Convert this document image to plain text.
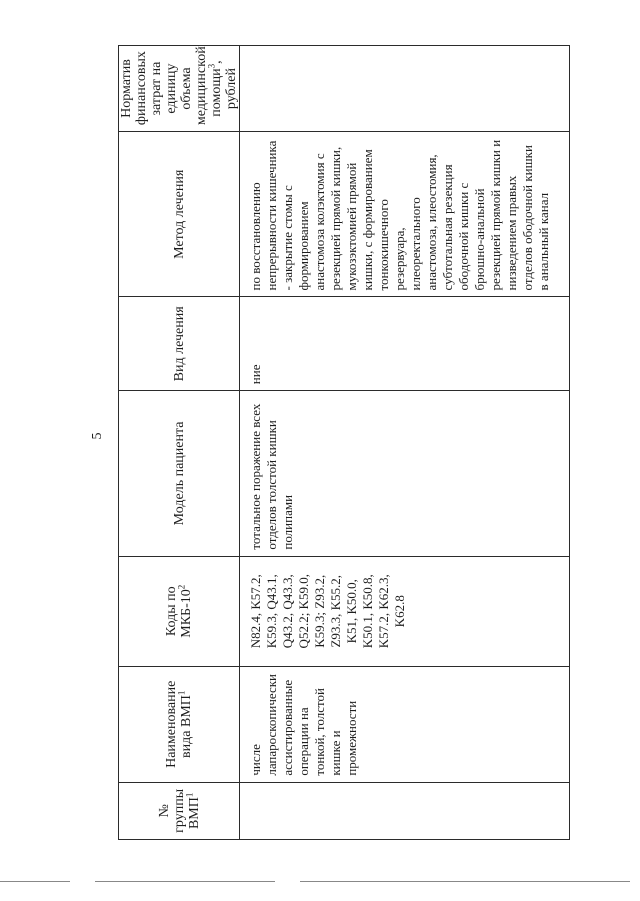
5
№ группы ВМП$^1$	Наименование вида ВМП$^1$	Коды по МКБ-$10^2$	Модель пациента	Вид лечения	Метод лечения	Норматив финансовых затрат на единицу объема медицинской помощи$^3$, рублей

	числе лапароскопически ассистированные операции на тонкой, толстой кишке и промежности	N82.4, K57.2, K59.3, Q43.1, Q43.2, Q43.3, Q52.2; K59.0, K59.3; Z93.2, Z93.3, K55.2, K51, K50.0, K50.1, K50.8, K57.2, K62.3, K62.8	тотальное поражение всех отделов толстой кишки полипами	ние	по восстановлению непрерывности кишечника - закрытие стомы с формированием анастомоза колэктомия с резекцией прямой кишки, мукозэктомией прямой кишки, с формированием тонкокишечного резервуара, илеоректального анастомоза, илеостомия, субтотальная резекция ободочной кишки с брюшно-анальной резекцией прямой кишки и низведением правых отделов ободочной кишки в анальный канал	
